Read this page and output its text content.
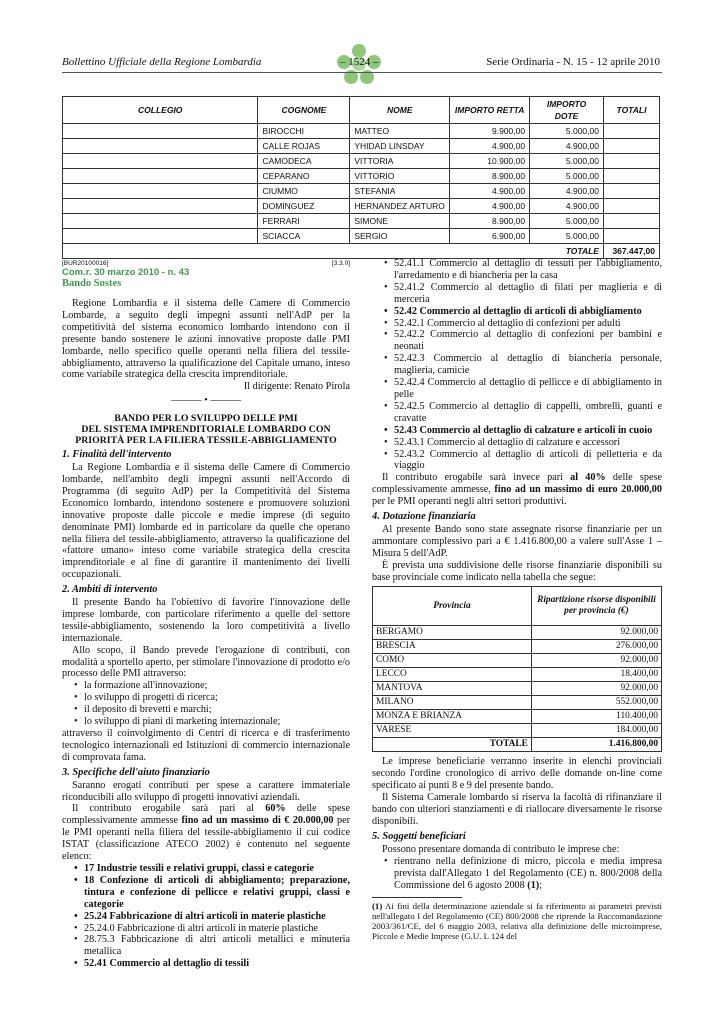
Bollettino Ufficiale della Regione Lombardia	– 1524 –	Serie Ordinaria - N. 15 - 12 aprile 2010
COLLEGIO	COGNOME	NOME	IMPORTO RETTA	IMPORTO DOTE	TOTALI
	BIROCCHI	MATTEO	9.900,00	5.000,00	
	CALLE ROJAS	YHIDAD LINSDAY	4.900,00	4.900,00	
	CAMODECA	VITTORIA	10.900,00	5.000,00	
	CEPARANO	VITTORIO	8.900,00	5.000,00	
	CIUMMO	STEFANIA	4.900,00	4.900,00	
	DOMINGUEZ	HERNANDEZ ARTURO	4.900,00	4.900,00	
	FERRARI	SIMONE	8.900,00	5.000,00	
	SCIACCA	SERGIO	6.900,00	5.000,00	
TOTALE					367.447,00
[BUR20100016]	[3.3.0]
Com.r. 30 marzo 2010 - n. 43
Bando Sostes

Regione Lombardia e il sistema delle Camere di Commercio Lombarde, a seguito degli impegni assunti nell'AdP per la competitività del sistema economico lombardo intendono con il presente bando sostenere le azioni innovative proposte dalle PMI lombarde, nello specifico quelle operanti nella filiera del tessile-abbigliamento, attraverso la qualificazione del Capitale umano, inteso come variabile strategica della crescita imprenditoriale.

Il dirigente: Renato Pirola
——— • ———
BANDO PER LO SVILUPPO DELLE PMI
DEL SISTEMA IMPRENDITORIALE LOMBARDO CON
PRIORITÀ PER LA FILIERA TESSILE-ABBIGLIAMENTO
1. Finalità dell'intervento

La Regione Lombardia e il sistema delle Camere di Commercio lombarde, nell'ambito degli impegni assunti nell'Accordo di Programma (di seguito AdP) per la Competitività del Sistema Economico lombardo, intendono sostenere e promuovere soluzioni innovative proposte dalle piccole e medie imprese (di seguito denominate PMI) lombarde ed in particolare da quelle che operano nella filiera del tessile-abbigliamento, attraverso la qualificazione del «fattore umano» inteso come variabile strategica della crescita imprenditoriale e al fine di garantire il mantenimento dei livelli occupazionali.

2. Ambiti di intervento

Il presente Bando ha l'obiettivo di favorire l'innovazione delle imprese lombarde, con particolare riferimento a quelle del settore tessile-abbigliamento, sostenendo la loro competitività a livello internazionale.

Allo scopo, il Bando prevede l'erogazione di contributi, con modalità a sportello aperto, per stimolare l'innovazione di prodotto e/o processo delle PMI attraverso:

• la formazione all'innovazione;
• lo sviluppo di progetti di ricerca;
• il deposito di brevetti e marchi;
• lo sviluppo di piani di marketing internazionale;

attraverso il coinvolgimento di Centri di ricerca e di trasferimento tecnologico internazionali ed Istituzioni di commercio internazionale di comprovata fama.

3. Specifiche dell'aiuto finanziario

Saranno erogati contributi per spese a carattere immateriale riconducibili allo sviluppo di progetti innovativi aziendali.

Il contributo erogabile sarà pari al 60% delle spese complessivamente ammesse fino ad un massimo di € 20.000,00 per le PMI operanti nella filiera del tessile-abbigliamento il cui codice ISTAT (classificazione ATECO 2002) è contenuto nel seguente elenco:

• 17 Industrie tessili e relativi gruppi, classi e categorie
• 18 Confezione di articoli di abbigliamento; preparazione, tintura e confezione di pellicce e relativi gruppi, classi e categorie
• 25.24 Fabbricazione di altri articoli in materie plastiche
• 25.24.0 Fabbricazione di altri articoli in materie plastiche
• 28.75.3 Fabbricazione di altri articoli metallici e minuteria metallica
• 52.41 Commercio al dettaglio di tessili
• 52.41.1 Commercio al dettaglio di tessuti per l'abbigliamento, l'arredamento e di biancheria per la casa
• 52.41.2 Commercio al dettaglio di filati per maglieria e di merceria
• 52.42 Commercio al dettaglio di articoli di abbigliamento
• 52.42.1 Commercio al dettaglio di confezioni per adulti
• 52.42.2 Commercio al dettaglio di confezioni per bambini e neonati
• 52.42.3 Commercio al dettaglio di biancheria personale, maglieria, camicie
• 52.42.4 Commercio al dettaglio di pellicce e di abbigliamento in pelle
• 52.42.5 Commercio al dettaglio di cappelli, ombrelli, guanti e cravatte
• 52.43 Commercio al dettaglio di calzature e articoli in cuoio
• 52.43.1 Commercio al dettaglio di calzature e accessori
• 52.43.2 Commercio al dettaglio di articoli di pelletteria e da viaggio

Il contributo erogabile sarà invece pari al 40% delle spese complessivamente ammesse, fino ad un massimo di euro 20.000,00 per le PMI operanti negli altri settori produttivi.

4. Dotazione finanziaria

Al presente Bando sono state assegnate risorse finanziarie per un ammontare complessivo pari a € 1.416.800,00 a valere sull'Asse 1 – Misura 5 dell'AdP.

È prevista una suddivisione delle risorse finanziarie disponibili su base provinciale come indicato nella tabella che segue:

Provincia	Ripartizione risorse disponibili per provincia (€)
BERGAMO	92.000,00
BRESCIA	276.000,00
COMO	92.000,00
LECCO	18.400,00
MANTOVA	92.000,00
MILANO	552.000,00
MONZA E BRIANZA	110.400,00
VARESE	184.000,00
TOTALE	1.416.800,00

Le imprese beneficiarie verranno inserite in elenchi provinciali secondo l'ordine cronologico di arrivo delle domande on-line come specificato ai punti 8 e 9 del presente bando.

Il Sistema Camerale lombardo si riserva la facoltà di rifinanziare il bando con ulteriori stanziamenti e di riallocare diversamente le risorse disponibili.

5. Soggetti beneficiari

Possono presentare domanda di contributo le imprese che:

• rientrano nella definizione di micro, piccola e media impresa prevista dall'Allegato 1 del Regolamento (CE) n. 800/2008 della Commissione del 6 agosto 2008 (1);
(1) Ai fini della determinazione aziendale si fa riferimento ai parametri previsti nell'allegato I del Regolamento (CE) 800/2008 che riprende la Raccomandazione 2003/361/CE, del 6 maggio 2003, relativa alla definizione delle microimprese, Piccole e Medie Imprese (G.U. L 124 del
